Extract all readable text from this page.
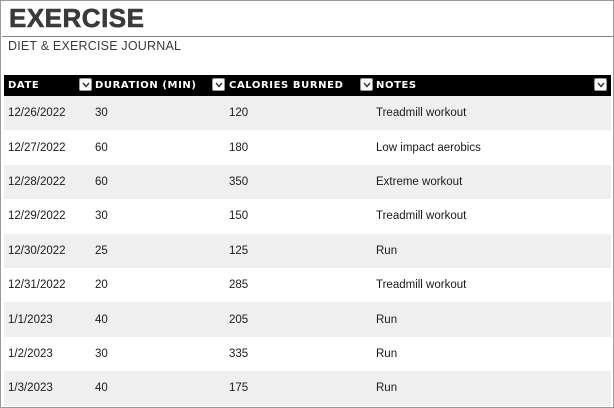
EXERCISE
DIET & EXERCISE JOURNAL
DATE	DURATION (MIN)	CALORIES BURNED	NOTES
12/26/2022	30	120	Treadmill workout
12/27/2022	60	180	Low impact aerobics
12/28/2022	60	350	Extreme workout
12/29/2022	30	150	Treadmill workout
12/30/2022	25	125	Run
12/31/2022	20	285	Treadmill workout
1/1/2023	40	205	Run
1/2/2023	30	335	Run
1/3/2023	40	175	Run
